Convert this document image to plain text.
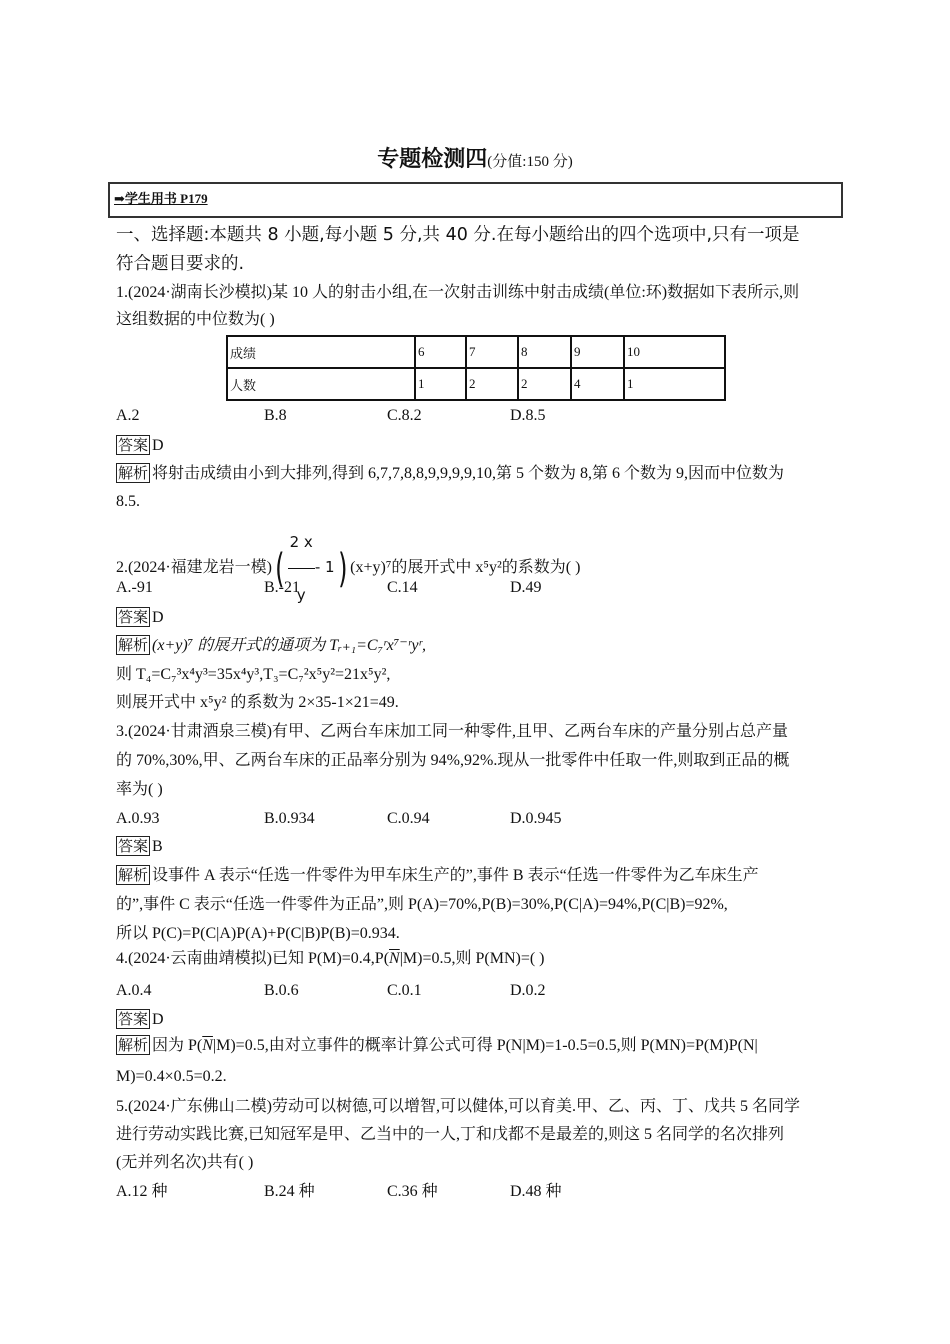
专题检测四(分值:150 分)
➡学生用书 P179
一、选择题:本题共 8 小题,每小题 5 分,共 40 分.在每小题给出的四个选项中,只有一项是
符合题目要求的.
1.(2024·湖南长沙模拟)某 10 人的射击小组,在一次射击训练中射击成绩(单位:环)数据如下表所示,则
这组数据的中位数为( )
成绩	6	7	8	9	10
人数	1	2	2	4	1
A.2	B.8	C.8.2	D.8.5
答案 D
解析 将射击成绩由小到大排列,得到 6,7,7,8,8,9,9,9,9,10,第 5 个数为 8,第 6 个数为 9,因而中位数为
8.5.
2.(2024·福建龙岩一模)( $\frac{2 x}{y} - 1$) (x+y)⁷的展开式中 x⁵y²的系数为( )
A.-91	B.-21	C.14	D.49
答案 D
解析 (x+y)⁷ 的展开式的通项为 Tᵣ₊₁=C₇ʳx⁷⁻ʳyʳ,
则 T₄=C₇³x⁴y³=35x⁴y³,T₃=C₇²x⁵y²=21x⁵y²,
则展开式中 x⁵y² 的系数为 2×35-1×21=49.
3.(2024·甘肃酒泉三模)有甲、乙两台车床加工同一种零件,且甲、乙两台车床的产量分别占总产量
的 70%,30%,甲、乙两台车床的正品率分别为 94%,92%.现从一批零件中任取一件,则取到正品的概
率为( )
A.0.93	B.0.934	C.0.94	D.0.945
答案 B
解析 设事件 A 表示“任选一件零件为甲车床生产的”,事件 B 表示“任选一件零件为乙车床生产
的”,事件 C 表示“任选一件零件为正品”,则 P(A)=70%,P(B)=30%,P(C|A)=94%,P(C|B)=92%,
所以 P(C)=P(C|A)P(A)+P(C|B)P(B)=0.934.
4.(2024·云南曲靖模拟)已知 $P(M)=0.4,P(\overline{N}|M)=0.5$,则 P(MN)=( )
A.0.4	B.0.6	C.0.1	D.0.2
答案 D
解析 因为 $P(\overline{N}|M)=0.5$,由对立事件的概率计算公式可得 P(N|M)=1-0.5=0.5,则 P(MN)=P(M)P(N|
M)=0.4×0.5=0.2.
5.(2024·广东佛山二模)劳动可以树德,可以增智,可以健体,可以育美.甲、乙、丙、丁、戊共 5 名同学
进行劳动实践比赛,已知冠军是甲、乙当中的一人,丁和戊都不是最差的,则这 5 名同学的名次排列
(无并列名次)共有( )
A.12 种	B.24 种	C.36 种	D.48 种
